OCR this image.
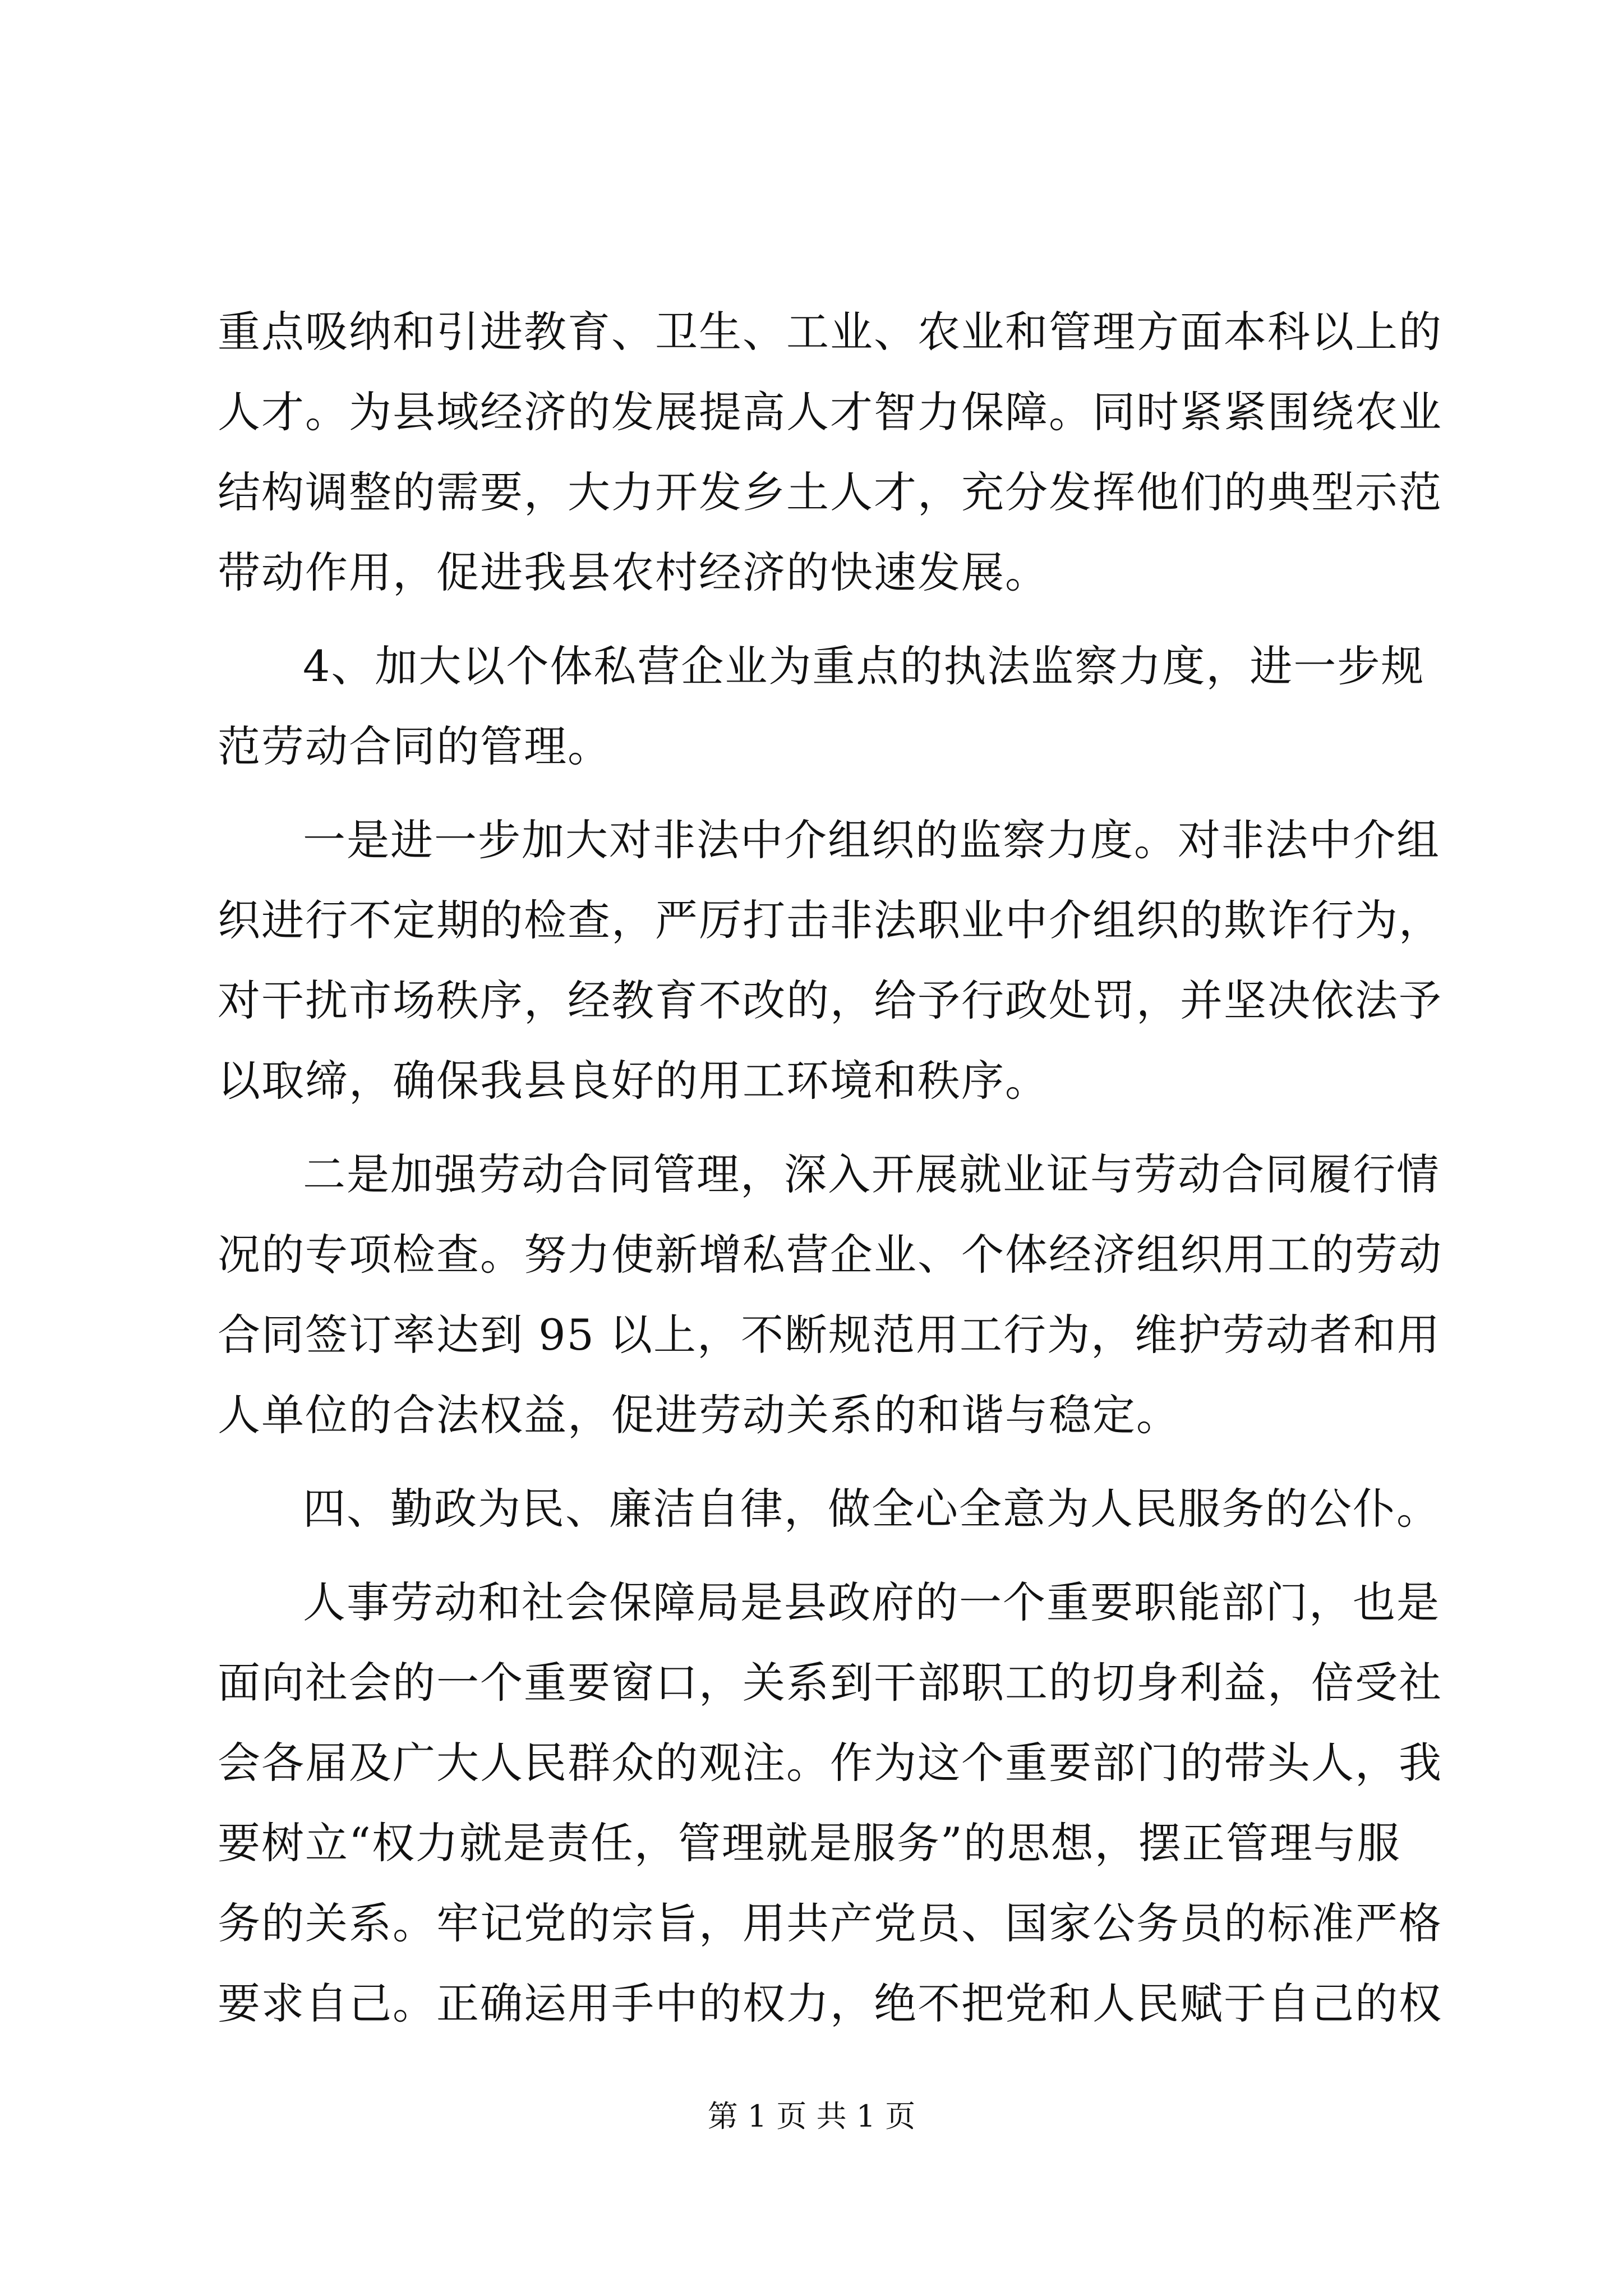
重点吸纳和引进教育、卫生、工业、农业和管理方面本科以上的
人才。为县域经济的发展提高人才智力保障。同时紧紧围绕农业
结构调整的需要，大力开发乡土人才，充分发挥他们的典型示范
带动作用，促进我县农村经济的快速发展。
4、加大以个体私营企业为重点的执法监察力度，进一步规
范劳动合同的管理。
一是进一步加大对非法中介组织的监察力度。对非法中介组
织进行不定期的检查，严厉打击非法职业中介组织的欺诈行为，
对干扰市场秩序，经教育不改的，给予行政处罚，并坚决依法予
以取缔，确保我县良好的用工环境和秩序。
二是加强劳动合同管理，深入开展就业证与劳动合同履行情
况的专项检查。努力使新增私营企业、个体经济组织用工的劳动
合同签订率达到 95 以上，不断规范用工行为，维护劳动者和用
人单位的合法权益，促进劳动关系的和谐与稳定。
四、勤政为民、廉洁自律，做全心全意为人民服务的公仆。
人事劳动和社会保障局是县政府的一个重要职能部门，也是
面向社会的一个重要窗口，关系到干部职工的切身利益，倍受社
会各届及广大人民群众的观注。作为这个重要部门的带头人，我
要树立“权力就是责任，管理就是服务”的思想，摆正管理与服
务的关系。牢记党的宗旨，用共产党员、国家公务员的标准严格
要求自己。正确运用手中的权力，绝不把党和人民赋于自己的权
第 1 页 共 1 页
